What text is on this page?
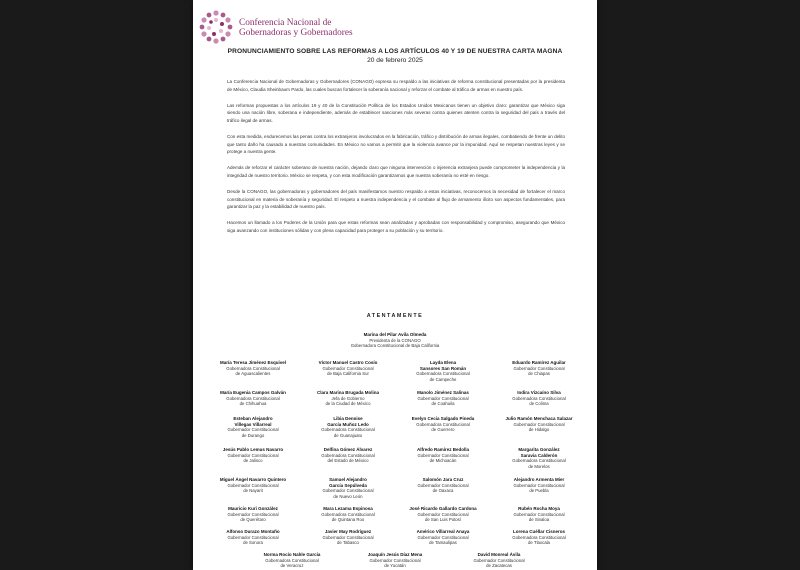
Conferencia Nacional de
Gobernadoras y Gobernadores
PRONUNCIAMIENTO SOBRE LAS REFORMAS A LOS ARTÍCULOS 40 Y 19 DE NUESTRA CARTA MAGNA
20 de febrero 2025

La Conferencia Nacional de Gobernadoras y Gobernadores (CONAGO) expresa su respaldo a las iniciativas de reforma constitucional presentadas por la presidenta de México, Claudia Sheinbaum Pardo, las cuales buscan fortalecer la soberanía nacional y reforzar el combate al tráfico de armas en nuestro país.

Las reformas propuestas a los artículos 19 y 40 de la Constitución Política de los Estados Unidos Mexicanos tienen un objetivo claro: garantizar que México siga siendo una nación libre, soberana e independiente, además de establecer sanciones más severas contra quienes atenten contra la seguridad del país a través del tráfico ilegal de armas.

Con esta medida, endurecemos las penas contra los extranjeros involucrados en la fabricación, tráfico y distribución de armas ilegales, combatiendo de frente un delito que tanto daño ha causado a nuestras comunidades. En México no vamos a permitir que la violencia avance por la impunidad. Aquí se respetan nuestras leyes y se protege a nuestra gente.

Además de reforzar el carácter soberano de nuestra nación, dejando claro que ninguna intervención o injerencia extranjera puede comprometer la independencia y la integridad de nuestro territorio. México se respeta, y con esta modificación garantizamos que nuestra soberanía no esté en riesgo.

Desde la CONAGO, las gobernadoras y gobernadores del país manifestamos nuestro respaldo a estas iniciativas, reconocemos la necesidad de fortalecer el marco constitucional en materia de soberanía y seguridad. El respeto a nuestra independencia y el combate al flujo de armamento ilícito son aspectos fundamentales, para garantizar la paz y la estabilidad de nuestro país.

Hacemos un llamado a los Poderes de la Unión para que estas reformas sean analizadas y aprobadas con responsabilidad y compromiso, asegurando que México siga avanzando con instituciones sólidas y con plena capacidad para proteger a su población y su territorio.

ATENTAMENTE
Marina del Pilar Avila Olmeda
Presidenta de la CONAGO
Gobernadora Constitucional de Baja California
María Teresa Jiménez Esquivel
Gobernadora Constitucional
de Aguascalientes
Víctor Manuel Castro Cosío
Gobernador Constitucional
de Baja California Sur
Layda Elena
Sansores San Román
Gobernadora Constitucional
de Campeche
Eduardo Ramírez Aguilar
Gobernador Constitucional
de Chiapas
María Eugenia Campos Galván
Gobernadora Constitucional
de Chihuahua
Clara Marina Brugada Molina
Jefa de Gobierno
de la Ciudad de México
Manolo Jiménez Salinas
Gobernador Constitucional
de Coahuila
Indira Vizcaíno Silva
Gobernadora Constitucional
de Colima
Esteban Alejandro
Villegas Villarreal
Gobernador Constitucional
de Durango
Libia Dennise
García Muñoz Ledo
Gobernadora Constitucional
de Guanajuato
Evelyn Cecia Salgado Pineda
Gobernadora Constitucional
de Guerrero
Julio Ramón Menchaca Salazar
Gobernador Constitucional
de Hidalgo
Jesús Pablo Lemus Navarro
Gobernador Constitucional
de Jalisco
Delfina Gómez Álvarez
Gobernadora Constitucional
del Estado de México
Alfredo Ramírez Bedolla
Gobernador Constitucional
de Michoacán
Margarita González
Saravia Calderón
Gobernadora Constitucional
de Morelos
Miguel Ángel Navarro Quintero
Gobernador Constitucional
de Nayarit
Samuel Alejandro
García Sepúlveda
Gobernador Constitucional
de Nuevo León
Salomón Jara Cruz
Gobernador Constitucional
de Oaxaca
Alejandro Armenta Mier
Gobernador Constitucional
de Puebla
Mauricio Kuri González
Gobernador Constitucional
de Querétaro
Mara Lezama Espinosa
Gobernadora Constitucional
de Quintana Roo
José Ricardo Gallardo Cardona
Gobernador Constitucional
de San Luis Potosí
Rubén Rocha Moya
Gobernador Constitucional
de Sinaloa
Alfonso Durazo Montaño
Gobernador Constitucional
de Sonora
Javier May Rodríguez
Gobernador Constitucional
de Tabasco
Américo Villarreal Anaya
Gobernador Constitucional
de Tamaulipas
Lorena Cuéllar Cisneros
Gobernadora Constitucional
de Tlaxcala
Norma Rocío Nahle García
Gobernadora Constitucional
de Veracruz
Joaquín Jesús Díaz Mena
Gobernador Constitucional
de Yucatán
David Monreal Ávila
Gobernador Constitucional
de Zacatecas
